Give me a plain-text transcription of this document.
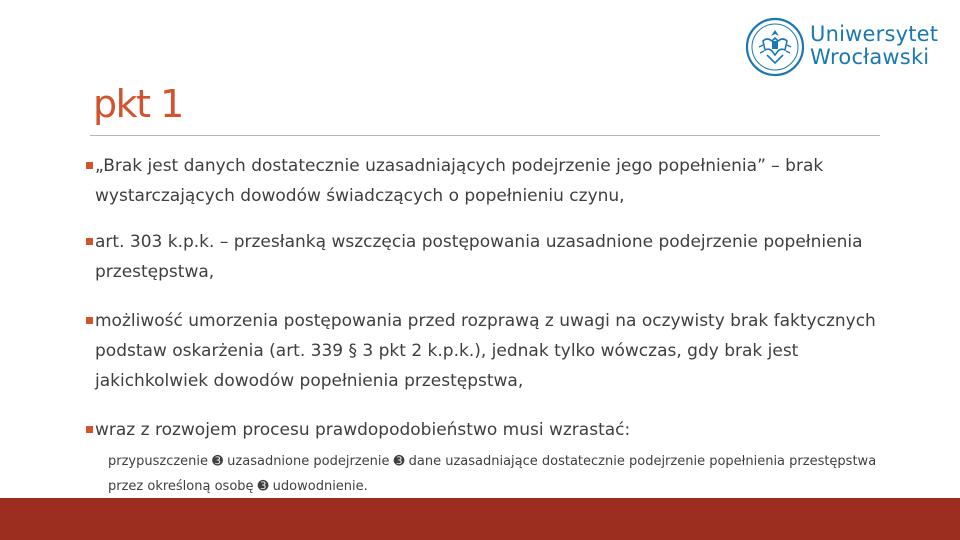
Uniwersytet
Wrocławski
pkt 1
„Brak jest danych dostatecznie uzasadniających podejrzenie jego popełnienia” – brak wystarczających dowodów świadczących o popełnieniu czynu,
art. 303 k.p.k. – przesłanką wszczęcia postępowania uzasadnione podejrzenie popełnienia przestępstwa,
możliwość umorzenia postępowania przed rozprawą z uwagi na oczywisty brak faktycznych podstaw oskarżenia (art. 339 § 3 pkt 2 k.p.k.), jednak tylko wówczas, gdy brak jest jakichkolwiek dowodów popełnienia przestępstwa,
wraz z rozwojem procesu prawdopodobieństwo musi wzrastać:
przypuszczenie ➌ uzasadnione podejrzenie ➌ dane uzasadniające dostatecznie podejrzenie popełnienia przestępstwa przez określoną osobę ➌ udowodnienie.
